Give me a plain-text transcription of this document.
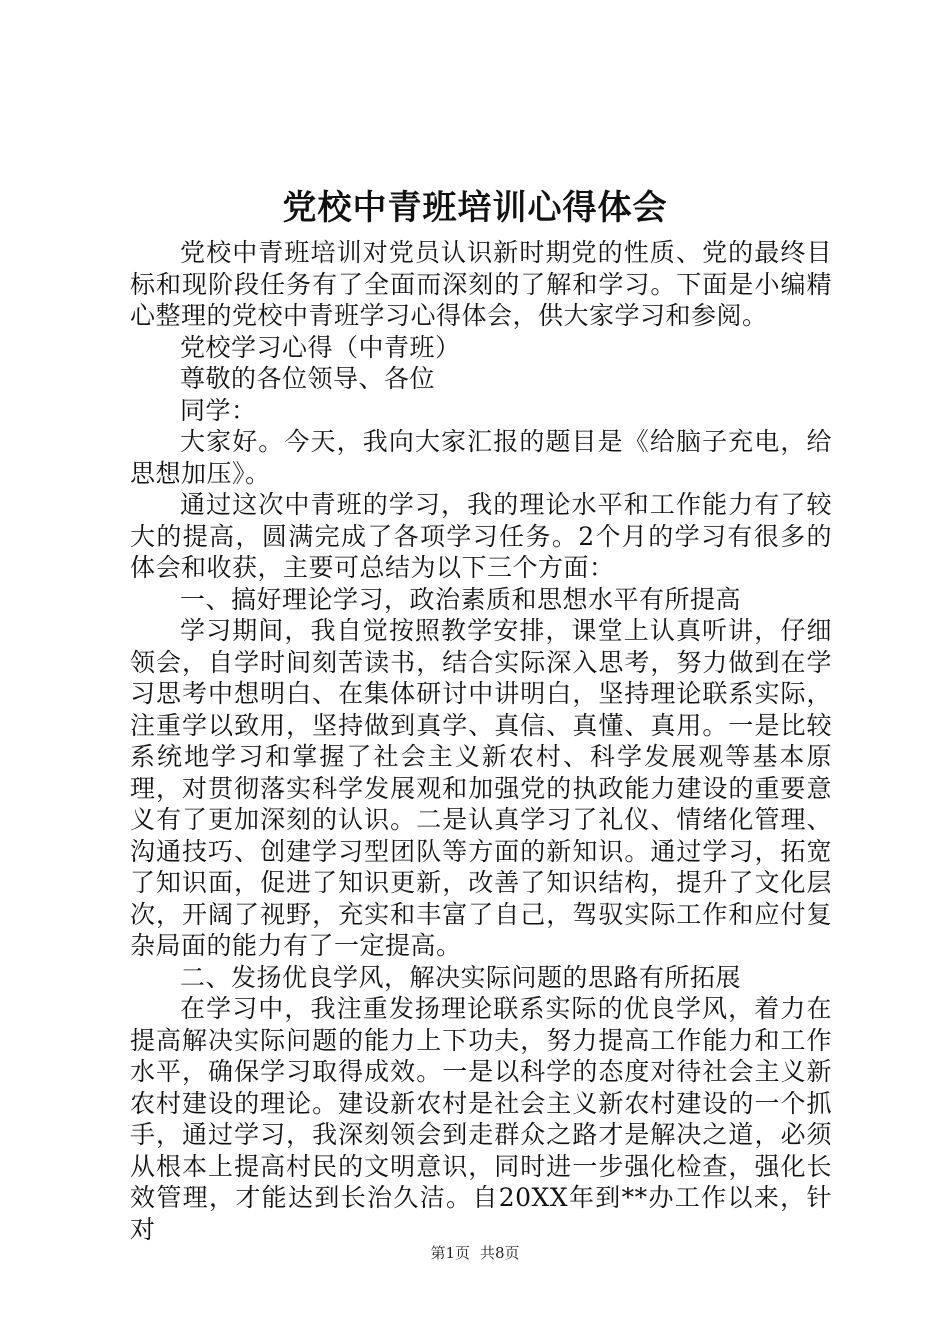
党校中青班培训心得体会

党校中青班培训对党员认识新时期党的性质、党的最终目标和现阶段任务有了全面而深刻的了解和学习。下面是小编精心整理的党校中青班学习心得体会，供大家学习和参阅。

党校学习心得（中青班）

尊敬的各位领导、各位

同学：

大家好。今天，我向大家汇报的题目是《给脑子充电，给思想加压》。

通过这次中青班的学习，我的理论水平和工作能力有了较大的提高，圆满完成了各项学习任务。2个月的学习有很多的体会和收获，主要可总结为以下三个方面：

一、搞好理论学习，政治素质和思想水平有所提高

学习期间，我自觉按照教学安排，课堂上认真听讲，仔细领会，自学时间刻苦读书，结合实际深入思考，努力做到在学习思考中想明白、在集体研讨中讲明白，坚持理论联系实际，注重学以致用，坚持做到真学、真信、真懂、真用。一是比较系统地学习和掌握了社会主义新农村、科学发展观等基本原理，对贯彻落实科学发展观和加强党的执政能力建设的重要意义有了更加深刻的认识。二是认真学习了礼仪、情绪化管理、沟通技巧、创建学习型团队等方面的新知识。通过学习，拓宽了知识面，促进了知识更新，改善了知识结构，提升了文化层次，开阔了视野，充实和丰富了自己，驾驭实际工作和应付复杂局面的能力有了一定提高。

二、发扬优良学风，解决实际问题的思路有所拓展

在学习中，我注重发扬理论联系实际的优良学风，着力在提高解决实际问题的能力上下功夫，努力提高工作能力和工作水平，确保学习取得成效。一是以科学的态度对待社会主义新农村建设的理论。建设新农村是社会主义新农村建设的一个抓手，通过学习，我深刻领会到走群众之路才是解决之道，必须从根本上提高村民的文明意识，同时进一步强化检查，强化长效管理，才能达到长治久洁。自20XX年到**办工作以来，针对

第1页 共8页
